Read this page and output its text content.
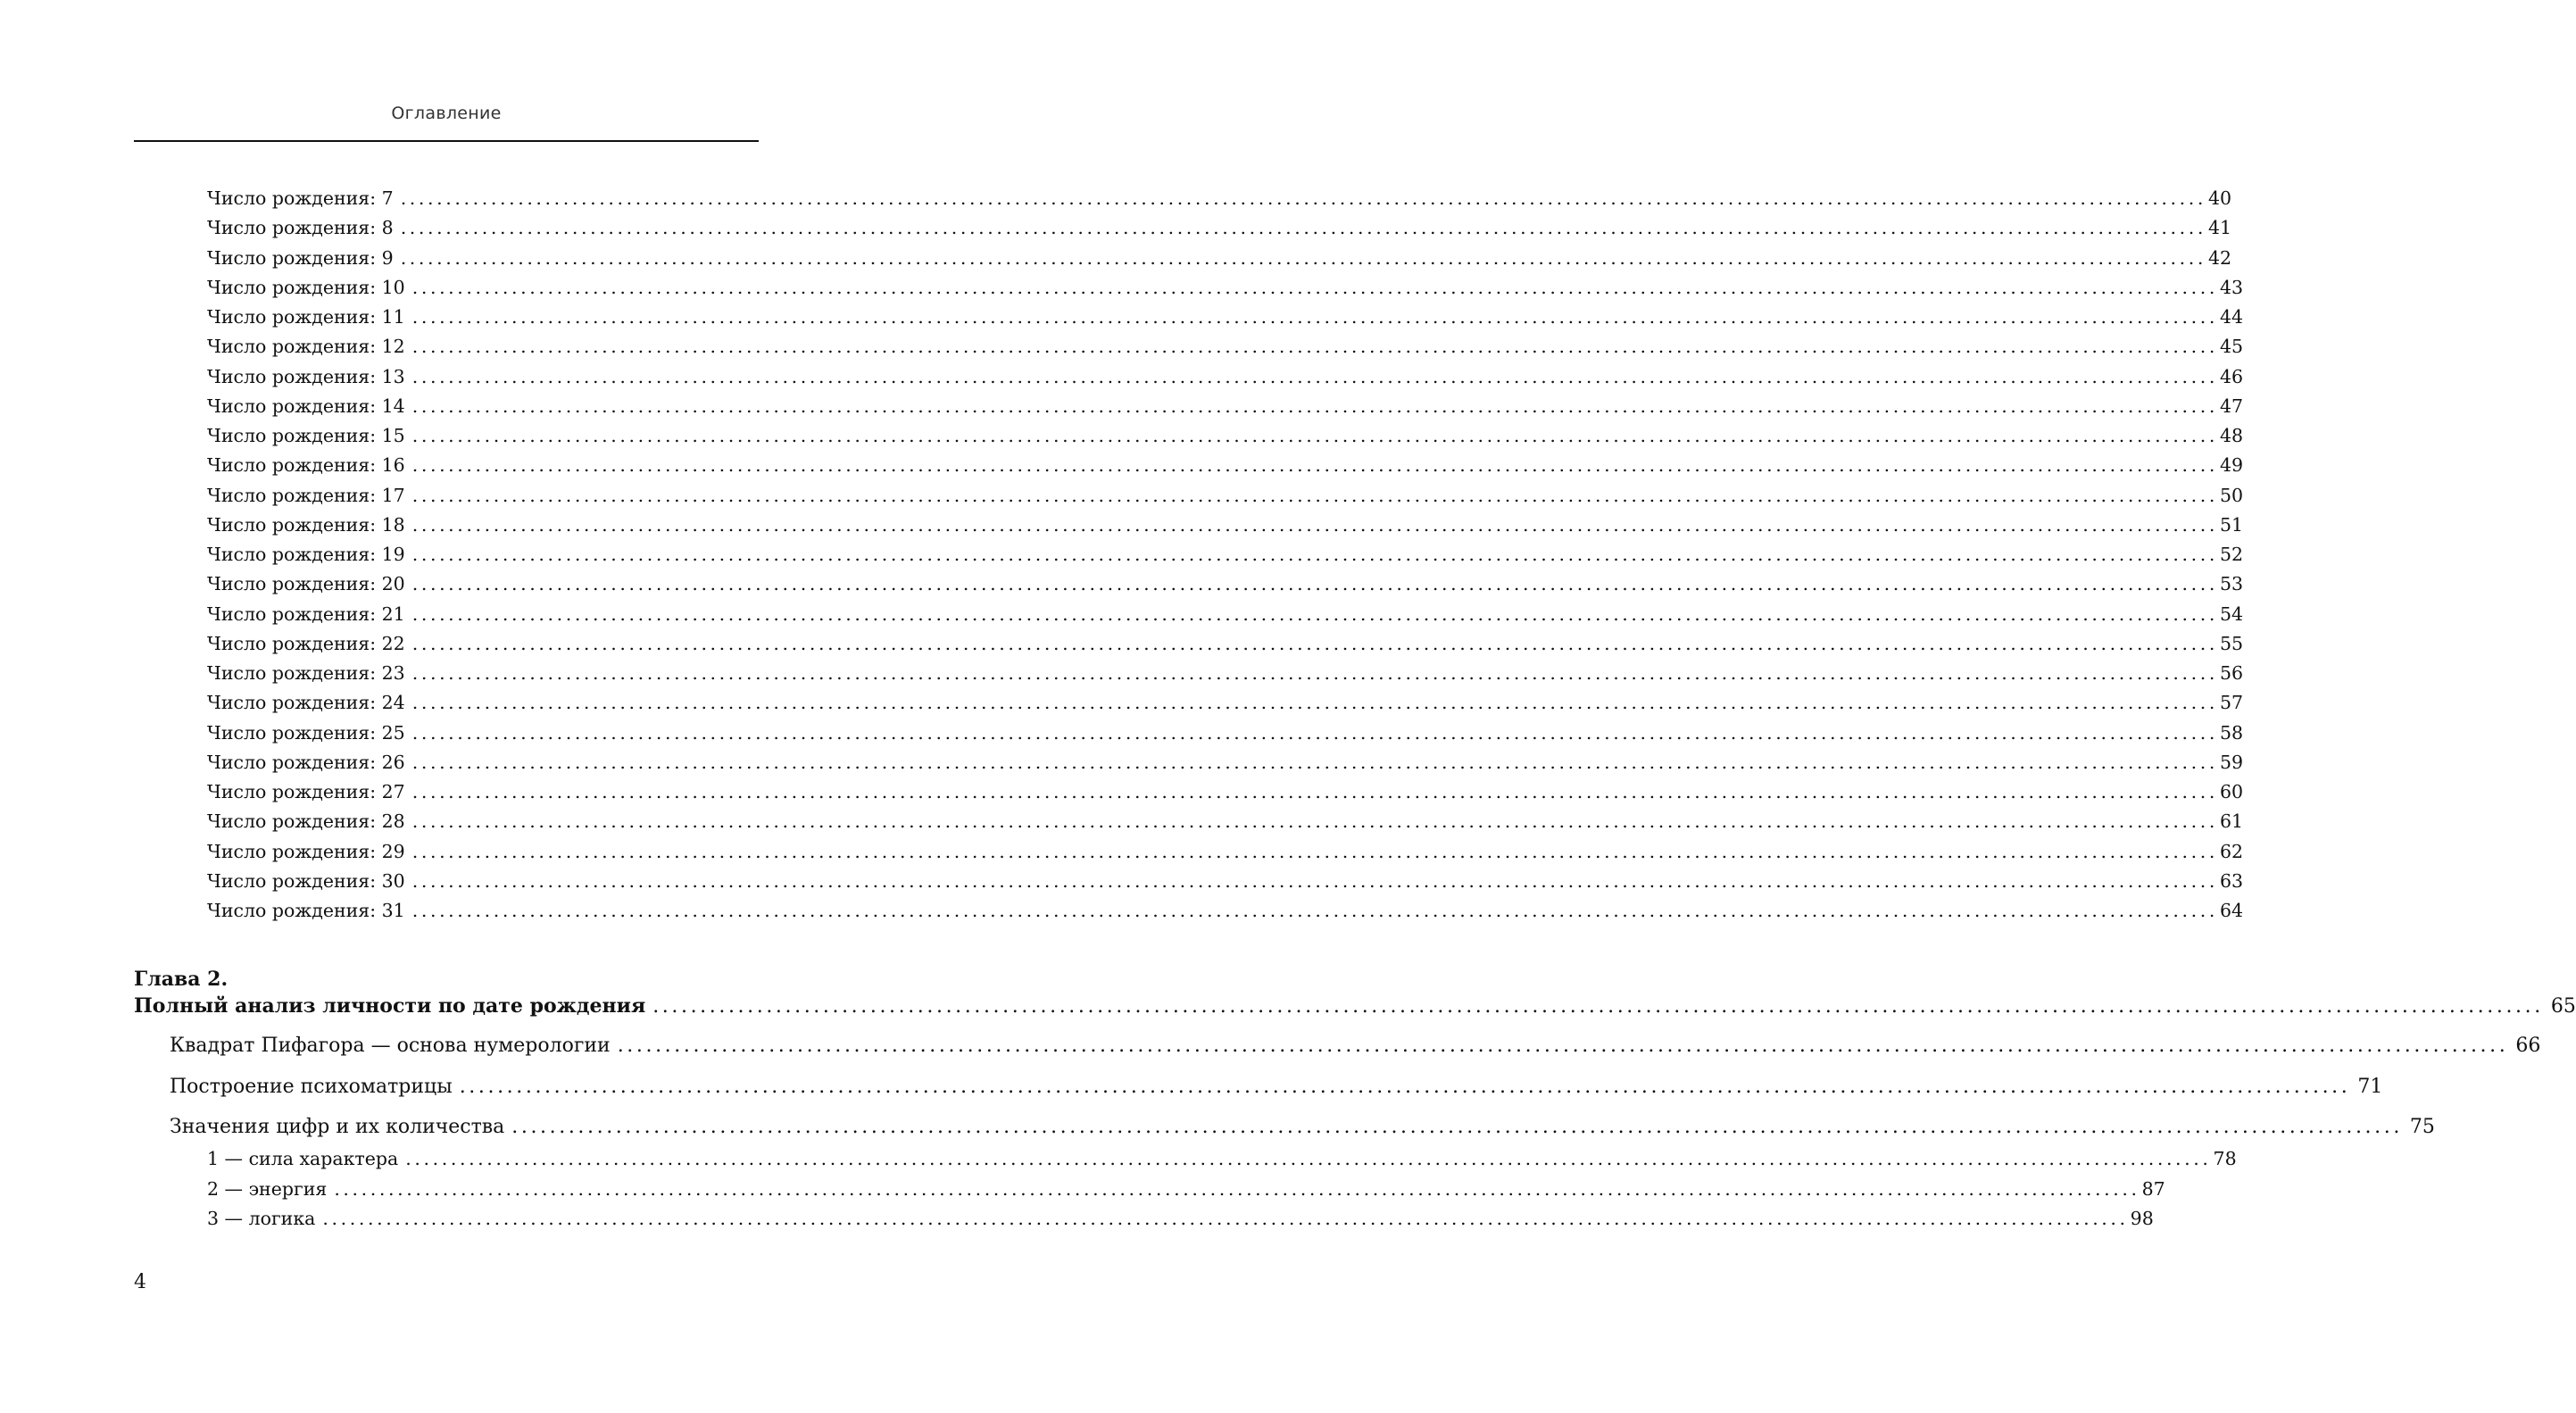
Оглавление
Число рождения: 7 ........................................................................................................................................................................................................ 40
Число рождения: 8 ........................................................................................................................................................................................................ 41
Число рождения: 9 ........................................................................................................................................................................................................ 42
Число рождения: 10 ........................................................................................................................................................................................................ 43
Число рождения: 11 ........................................................................................................................................................................................................ 44
Число рождения: 12 ........................................................................................................................................................................................................ 45
Число рождения: 13 ........................................................................................................................................................................................................ 46
Число рождения: 14 ........................................................................................................................................................................................................ 47
Число рождения: 15 ........................................................................................................................................................................................................ 48
Число рождения: 16 ........................................................................................................................................................................................................ 49
Число рождения: 17 ........................................................................................................................................................................................................ 50
Число рождения: 18 ........................................................................................................................................................................................................ 51
Число рождения: 19 ........................................................................................................................................................................................................ 52
Число рождения: 20 ........................................................................................................................................................................................................ 53
Число рождения: 21 ........................................................................................................................................................................................................ 54
Число рождения: 22 ........................................................................................................................................................................................................ 55
Число рождения: 23 ........................................................................................................................................................................................................ 56
Число рождения: 24 ........................................................................................................................................................................................................ 57
Число рождения: 25 ........................................................................................................................................................................................................ 58
Число рождения: 26 ........................................................................................................................................................................................................ 59
Число рождения: 27 ........................................................................................................................................................................................................ 60
Число рождения: 28 ........................................................................................................................................................................................................ 61
Число рождения: 29 ........................................................................................................................................................................................................ 62
Число рождения: 30 ........................................................................................................................................................................................................ 63
Число рождения: 31 ........................................................................................................................................................................................................ 64
Полный анализ личности по дате рождения ........................................................................................................................................................................................................ 65
Квадрат Пифагора — основа нумерологии ........................................................................................................................................................................................................ 66
Построение психоматрицы ........................................................................................................................................................................................................ 71
Значения цифр и их количества ........................................................................................................................................................................................................ 75
1 — сила характера ........................................................................................................................................................................................................ 78
2 — энергия ........................................................................................................................................................................................................ 87
3 — логика ........................................................................................................................................................................................................ 98
Глава 2.
4
